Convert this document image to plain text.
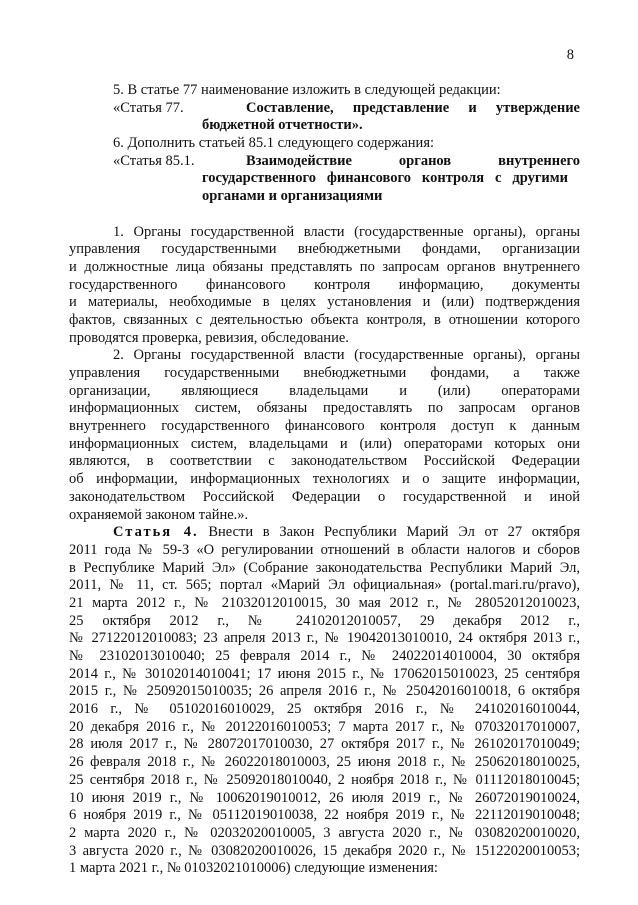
8
5. В статье 77 наименование изложить в следующей редакции:
«Статья 77.	Составление, представление и утверждение
бюджетной отчетности».
6. Дополнить статьей 85.1 следующего содержания:
«Статья 85.1.	Взаимодействие органов внутреннего
государственного финансового контроля с другими
органами и организациями
1. Органы государственной власти (государственные органы), органы
управления государственными внебюджетными фондами, организации
и должностные лица обязаны представлять по запросам органов внутреннего
государственного финансового контроля информацию, документы
и материалы, необходимые в целях установления и (или) подтверждения
фактов, связанных с деятельностью объекта контроля, в отношении которого
проводятся проверка, ревизия, обследование.
2. Органы государственной власти (государственные органы), органы
управления государственными внебюджетными фондами, а также
организации, являющиеся владельцами и (или) операторами
информационных систем, обязаны предоставлять по запросам органов
внутреннего государственного финансового контроля доступ к данным
информационных систем, владельцами и (или) операторами которых они
являются, в соответствии с законодательством Российской Федерации
об информации, информационных технологиях и о защите информации,
законодательством Российской Федерации о государственной и иной
охраняемой законом тайне.».
Статья 4. Внести в Закон Республики Марий Эл от 27 октября
2011 года № 59-З «О регулировании отношений в области налогов и сборов
в Республике Марий Эл» (Собрание законодательства Республики Марий Эл,
2011, № 11, ст. 565; портал «Марий Эл официальная» (portal.mari.ru/pravo),
21 марта 2012 г., № 21032012010015, 30 мая 2012 г., № 28052012010023,
25 октября 2012 г., № 24102012010057, 29 декабря 2012 г.,
№ 27122012010083; 23 апреля 2013 г., № 19042013010010, 24 октября 2013 г.,
№ 23102013010040; 25 февраля 2014 г., № 24022014010004, 30 октября
2014 г., № 30102014010041; 17 июня 2015 г., № 17062015010023, 25 сентября
2015 г., № 25092015010035; 26 апреля 2016 г., № 25042016010018, 6 октября
2016 г., № 05102016010029, 25 октября 2016 г., № 24102016010044,
20 декабря 2016 г., № 20122016010053; 7 марта 2017 г., № 07032017010007,
28 июля 2017 г., № 28072017010030, 27 октября 2017 г., № 26102017010049;
26 февраля 2018 г., № 26022018010003, 25 июня 2018 г., № 25062018010025,
25 сентября 2018 г., № 25092018010040, 2 ноября 2018 г., № 01112018010045;
10 июня 2019 г., № 10062019010012, 26 июля 2019 г., № 26072019010024,
6 ноября 2019 г., № 05112019010038, 22 ноября 2019 г., № 22112019010048;
2 марта 2020 г., № 02032020010005, 3 августа 2020 г., № 03082020010020,
3 августа 2020 г., № 03082020010026, 15 декабря 2020 г., № 15122020010053;
1 марта 2021 г., № 01032021010006) следующие изменения:
